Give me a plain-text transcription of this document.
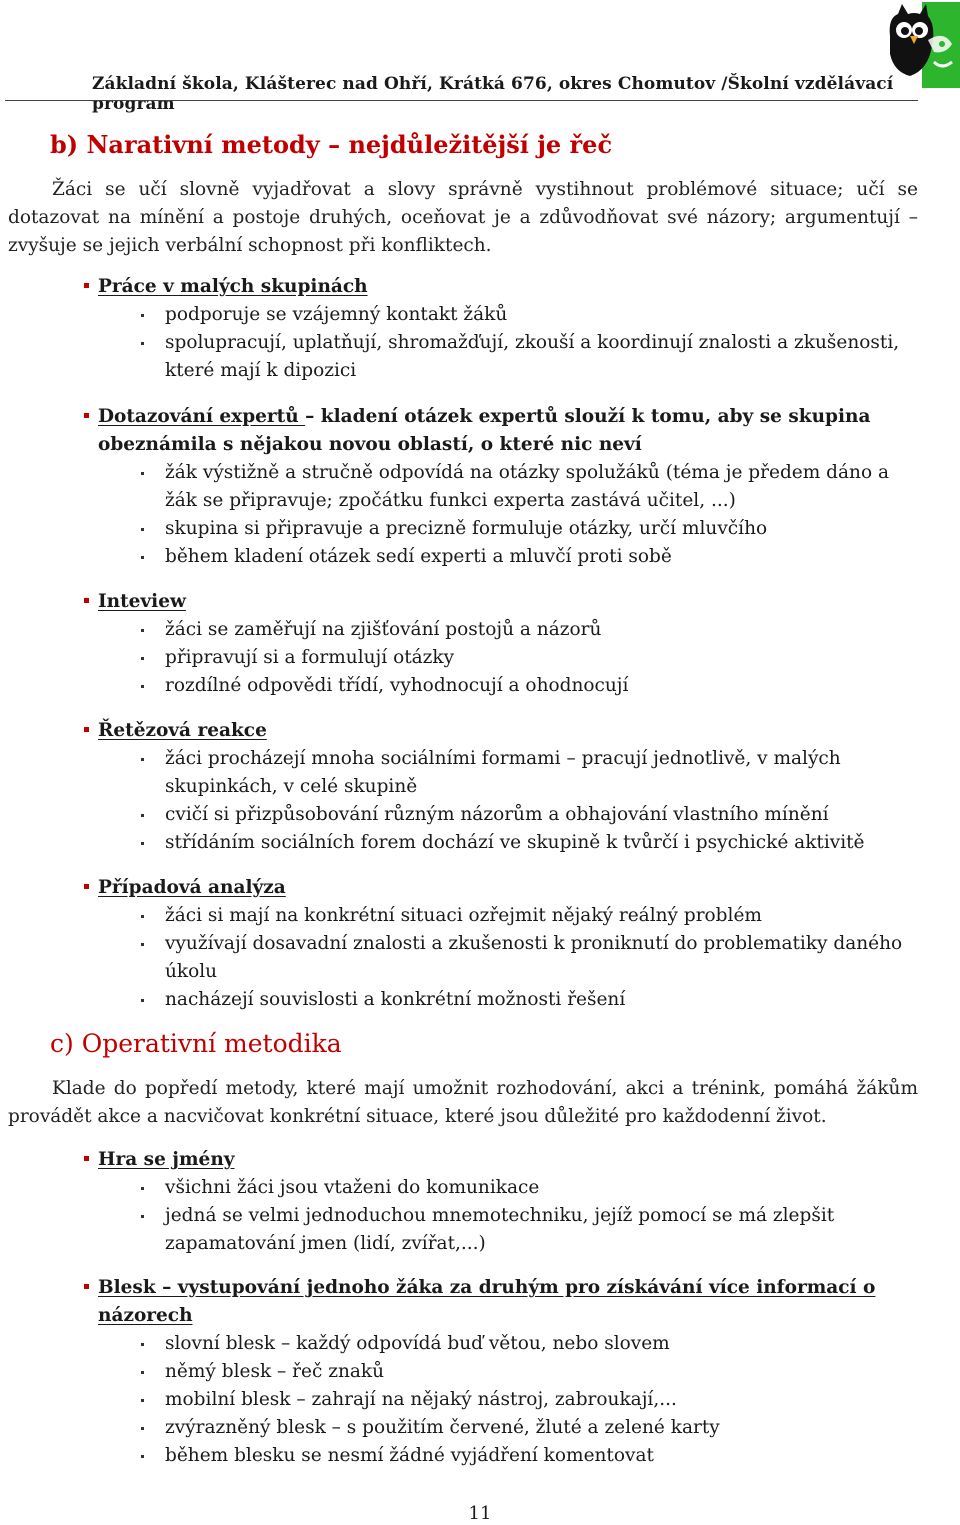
Základní škola, Klášterec nad Ohří, Krátká 676, okres Chomutov /Školní vzdělávací program
b) Narativní metody – nejdůležitější je řeč
Žáci se učí slovně vyjadřovat a slovy správně vystihnout problémové situace; učí se dotazovat na mínění a postoje druhých, oceňovat je a zdůvodňovat své názory; argumentují – zvyšuje se jejich verbální schopnost při konfliktech.
Práce v malých skupinách
podporuje se vzájemný kontakt žáků
spolupracují, uplatňují, shromažďují, zkouší a koordinují znalosti a zkušenosti, které mají k dipozici
Dotazování expertů – kladení otázek expertů slouží k tomu, aby se skupina obeznámila s nějakou novou oblastí, o které nic neví
žák výstižně a stručně odpovídá na otázky spolužáků (téma je předem dáno a žák se připravuje; zpočátku funkci experta zastává učitel, ...)
skupina si připravuje a precizně formuluje otázky, určí mluvčího
během kladení otázek sedí experti a mluvčí proti sobě
Inteview
žáci se zaměřují na zjišťování postojů a názorů
připravují si a formulují otázky
rozdílné odpovědi třídí, vyhodnocují a ohodnocují
Řetězová reakce
žáci procházejí mnoha sociálními formami – pracují jednotlivě, v malých skupinkách, v celé skupině
cvičí si přizpůsobování různým názorům a obhajování vlastního mínění
střídáním sociálních forem dochází ve skupině k tvůrčí i psychické aktivitě
Případová analýza
žáci si mají na konkrétní situaci ozřejmit nějaký reálný problém
využívají dosavadní znalosti a zkušenosti k proniknutí do problematiky daného úkolu
nacházejí souvislosti a konkrétní možnosti řešení
c) Operativní metodika
Klade do popředí metody, které mají umožnit rozhodování, akci a trénink, pomáhá žákům provádět akce a nacvičovat konkrétní situace, které jsou důležité pro každodenní život.
Hra se jmény
všichni žáci jsou vtaženi do komunikace
jedná se velmi jednoduchou mnemotechniku, jejíž pomocí se má zlepšit zapamatování jmen (lidí, zvířat,...)
Blesk – vystupování jednoho žáka za druhým pro získávání více informací o názorech
slovní blesk – každý odpovídá buď větou, nebo slovem
němý blesk – řeč znaků
mobilní blesk – zahrají na nějaký nástroj, zabroukají,...
zvýrazněný blesk – s použitím červené, žluté a zelené karty
během blesku se nesmí žádné vyjádření komentovat
11
